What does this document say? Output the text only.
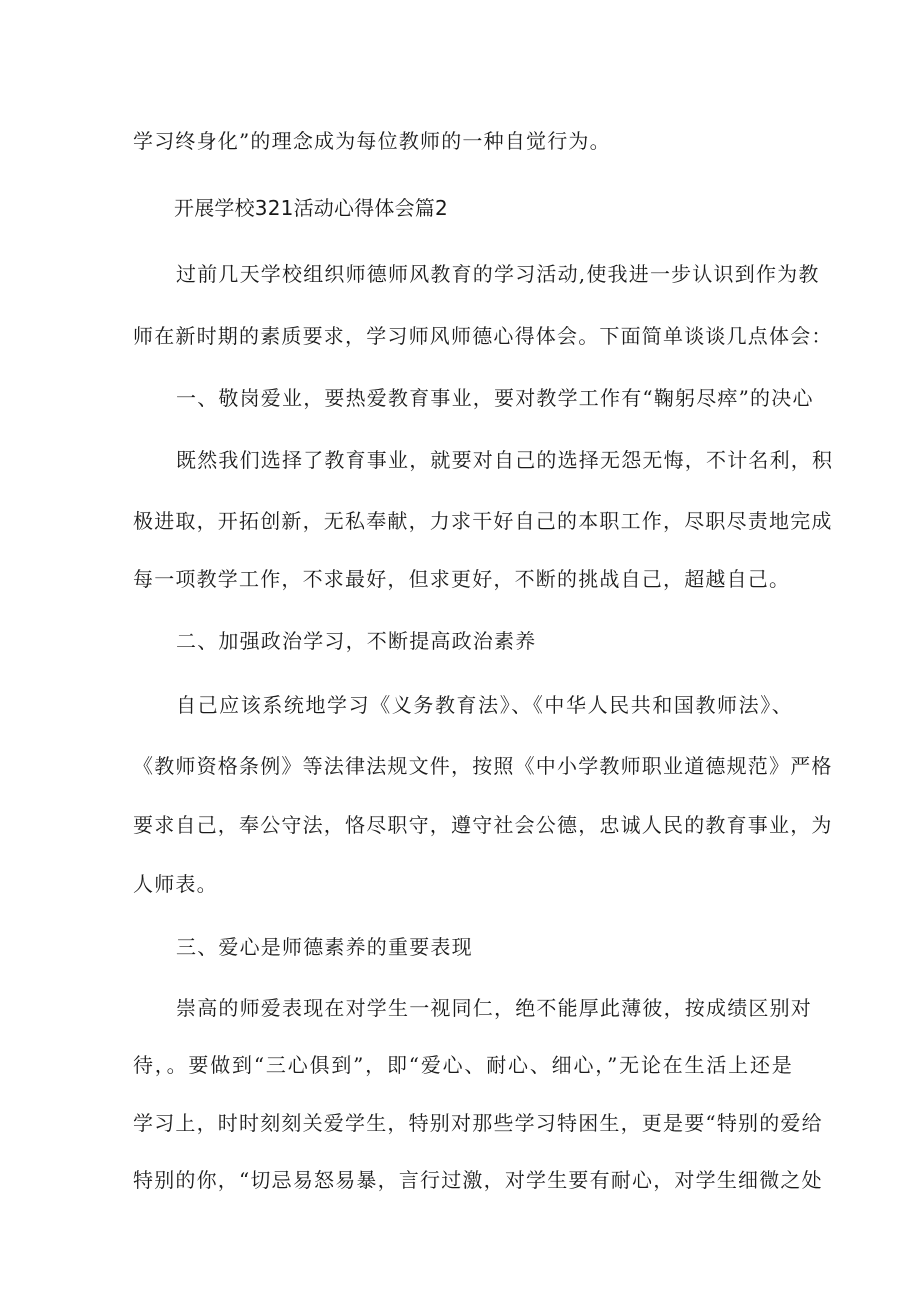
学习终身化”的理念成为每位教师的一种自觉行为。
开展学校321活动心得体会篇2
过前几天学校组织师德师风教育的学习活动,使我进一步认识到作为教
师在新时期的素质要求，学习师风师德心得体会。下面简单谈谈几点体会：
一、敬岗爱业，要热爱教育事业，要对教学工作有“鞠躬尽瘁”的决心
既然我们选择了教育事业，就要对自己的选择无怨无悔，不计名利，积
极进取，开拓创新，无私奉献，力求干好自己的本职工作，尽职尽责地完成
每一项教学工作，不求最好，但求更好，不断的挑战自己，超越自己。
二、加强政治学习，不断提高政治素养
自己应该系统地学习《义务教育法》、《中华人民共和国教师法》、
《教师资格条例》等法律法规文件，按照《中小学教师职业道德规范》严格
要求自己，奉公守法，恪尽职守，遵守社会公德，忠诚人民的教育事业，为
人师表。
三、爱心是师德素养的重要表现
崇高的师爱表现在对学生一视同仁，绝不能厚此薄彼，按成绩区别对
待，。要做到“三心俱到”，即“爱心、耐心、细心，”无论在生活上还是
学习上，时时刻刻关爱学生，特别对那些学习特困生，更是要“特别的爱给
特别的你，“切忌易怒易暴，言行过激，对学生要有耐心，对学生细微之处
